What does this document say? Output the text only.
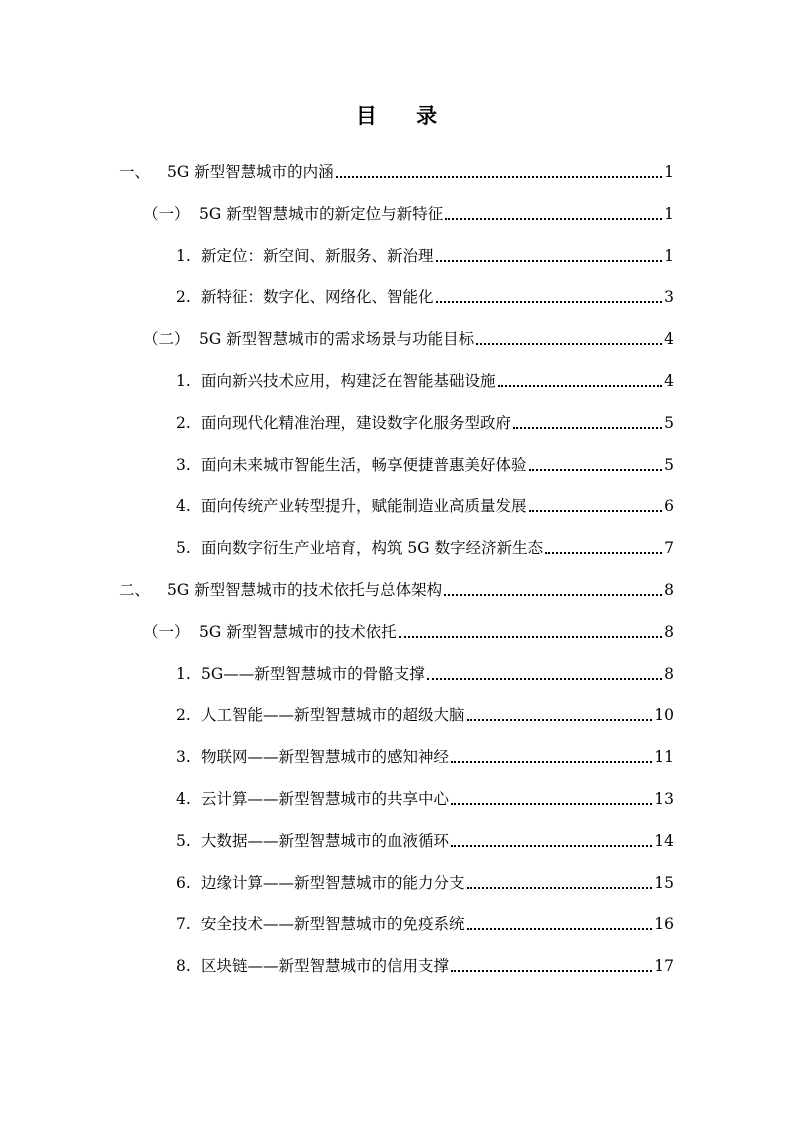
目 录
一、	5G 新型智慧城市的内涵	1
（一） 5G 新型智慧城市的新定位与新特征	1
1. 新定位：新空间、新服务、新治理	1
2. 新特征：数字化、网络化、智能化	3
（二） 5G 新型智慧城市的需求场景与功能目标	4
1. 面向新兴技术应用，构建泛在智能基础设施	4
2. 面向现代化精准治理，建设数字化服务型政府	5
3. 面向未来城市智能生活，畅享便捷普惠美好体验	5
4. 面向传统产业转型提升，赋能制造业高质量发展	6
5. 面向数字衍生产业培育，构筑 5G 数字经济新生态	7
二、	5G 新型智慧城市的技术依托与总体架构	8
（一） 5G 新型智慧城市的技术依托	8
1. 5G——新型智慧城市的骨骼支撑	8
2. 人工智能——新型智慧城市的超级大脑	10
3. 物联网——新型智慧城市的感知神经	11
4. 云计算——新型智慧城市的共享中心	13
5. 大数据——新型智慧城市的血液循环	14
6. 边缘计算——新型智慧城市的能力分支	15
7. 安全技术——新型智慧城市的免疫系统	16
8. 区块链——新型智慧城市的信用支撑	17
